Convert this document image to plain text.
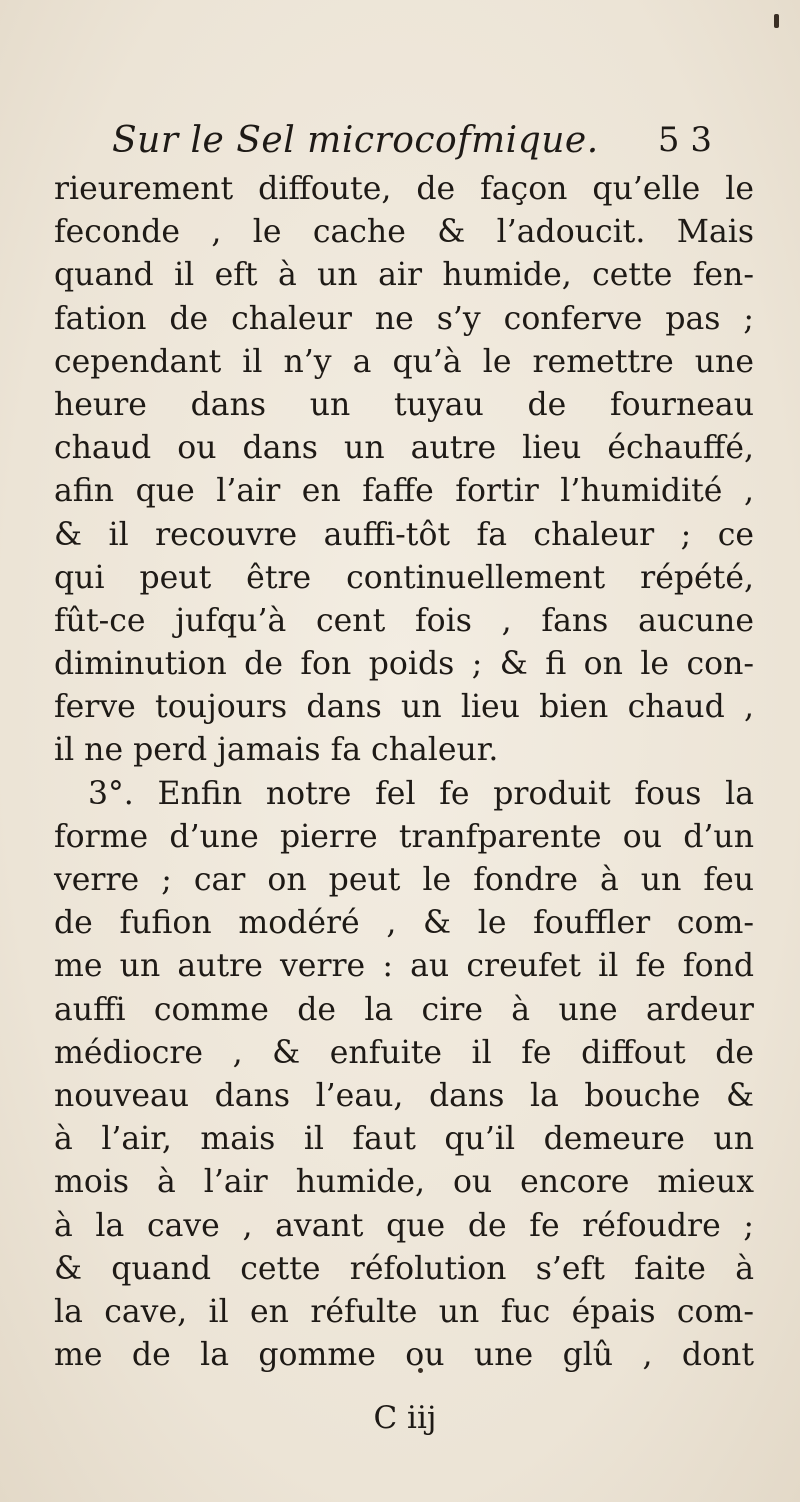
Sur le Sel microcofmique. 5 3
rieurement diffoute, de façon qu’elle le
feconde , le cache & l’adoucit. Mais
quand il eft à un air humide, cette fen-
fation de chaleur ne s’y conferve pas ;
cependant il n’y a qu’à le remettre une
heure dans un tuyau de fourneau
chaud ou dans un autre lieu échauffé,
afin que l’air en faffe fortir l’humidité ,
& il recouvre auffi-tôt fa chaleur ; ce
qui peut être continuellement répété,
fût-ce jufqu’à cent fois , fans aucune
diminution de fon poids ; & fi on le con-
ferve toujours dans un lieu bien chaud ,
il ne perd jamais fa chaleur.
3°. Enfin notre fel fe produit fous la
forme d’une pierre tranfparente ou d’un
verre ; car on peut le fondre à un feu
de fufion modéré , & le fouffler com-
me un autre verre : au creufet il fe fond
auffi comme de la cire à une ardeur
médiocre , & enfuite il fe diffout de
nouveau dans l’eau, dans la bouche &
à l’air, mais il faut qu’il demeure un
mois à l’air humide, ou encore mieux
à la cave , avant que de fe réfoudre ;
& quand cette réfolution s’eft faite à
la cave, il en réfulte un fuc épais com-
me de la gomme ou une glû , dont
C iij
